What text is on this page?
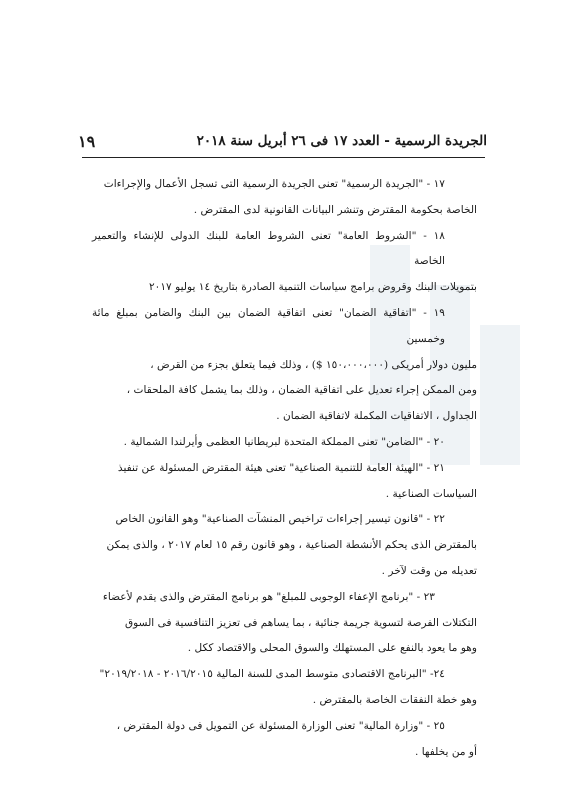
الجريدة الرسمية - العدد ١٧ فى ٢٦ أبريل سنة ٢٠١٨
١٩

١٧ - "الجريدة الرسمية" تعنى الجريدة الرسمية التى تسجل الأعمال والإجراءات

الخاصة بحكومة المقترض وتنشر البيانات القانونية لدى المقترض .

١٨ - "الشروط العامة" تعنى الشروط العامة للبنك الدولى للإنشاء والتعمير الخاصة

بتمويلات البنك وقروض برامج سياسات التنمية الصادرة بتاريخ ١٤ يوليو ٢٠١٧

١٩ - "اتفاقية الضمان" تعنى اتفاقية الضمان بين البنك والضامن بمبلغ مائة وخمسين

مليون دولار أمريكى (١٥٠،٠٠٠،٠٠٠ $) ، وذلك فيما يتعلق بجزء من القرض ،

ومن الممكن إجراء تعديل على اتفاقية الضمان ، وذلك بما يشمل كافة الملحقات ،

الجداول ، الاتفاقيات المكملة لاتفاقية الضمان .

٢٠ - "الضامن" تعنى المملكة المتحدة لبريطانيا العظمى وأيرلندا الشمالية .

٢١ - "الهيئة العامة للتنمية الصناعية" تعنى هيئة المقترض المسئولة عن تنفيذ

السياسات الصناعية .

٢٢ - "قانون تيسير إجراءات تراخيص المنشآت الصناعية" وهو القانون الخاص

بالمقترض الذى يحكم الأنشطة الصناعية ، وهو قانون رقم ١٥ لعام ٢٠١٧ ، والذى يمكن

تعديله من وقت لآخر .

٢٣ - "برنامج الإعفاء الوجوبى للمبلغ" هو برنامج المقترض والذى يقدم لأعضاء

التكتلات الفرصة لتسوية جريمة جنائية ، بما يساهم فى تعزيز التنافسية فى السوق

وهو ما يعود بالنفع على المستهلك والسوق المحلى والاقتصاد ككل .

٢٤- "البرنامج الاقتصادى متوسط المدى للسنة المالية ٢٠١٦/٢٠١٥ - ٢٠١٩/٢٠١٨"

وهو خطة النفقات الخاصة بالمقترض .

٢٥ - "وزارة المالية" تعنى الوزارة المسئولة عن التمويل فى دولة المقترض ،

أو من يخلفها .
